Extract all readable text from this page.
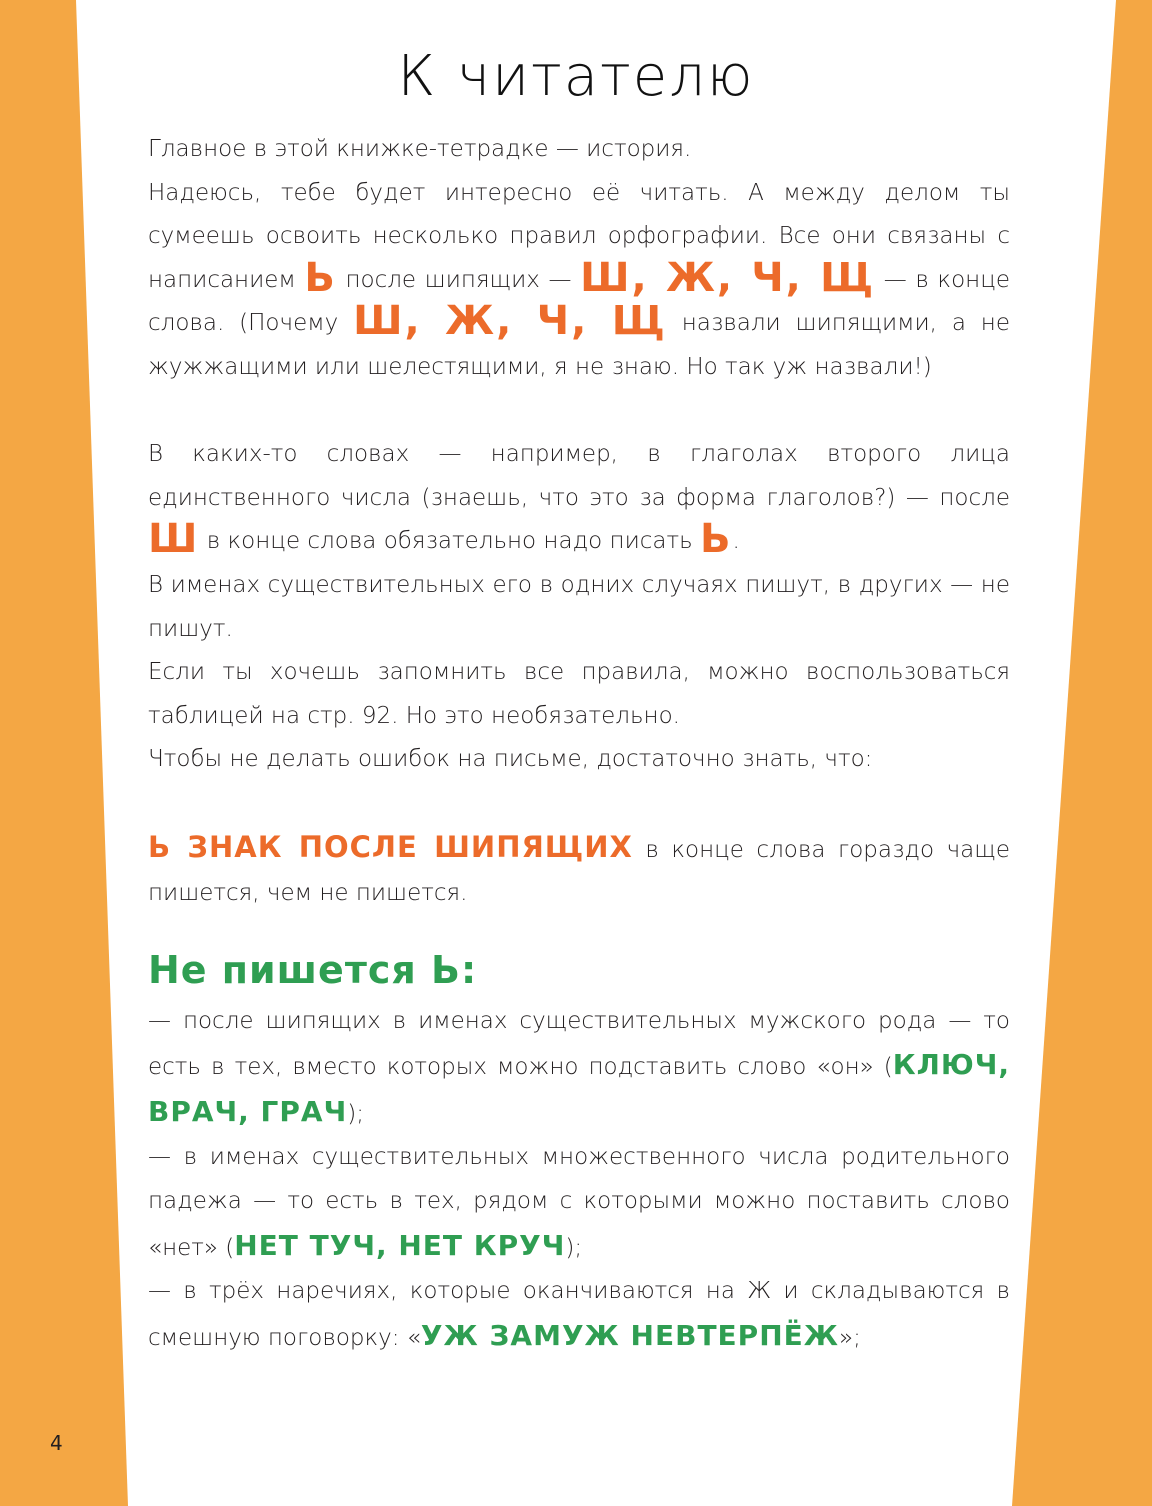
К читателю

Главное в этой книжке-тетрадке — история.

Надеюсь, тебе будет интересно её читать. А между делом ты сумеешь освоить несколько правил орфографии. Все они связаны с написанием Ь после шипящих — Ш, Ж, Ч, Щ — в конце слова. (Почему Ш, Ж, Ч, Щ назвали шипящими, а не жужжащими или шелестящими, я не знаю. Но так уж назвали!)

В каких-то словах — например, в глаголах второго лица единственного числа (знаешь, что это за форма глаголов?) — после Ш в конце слова обязательно надо писать Ь.

В именах существительных его в одних случаях пишут, в других — не пишут.

Если ты хочешь запомнить все правила, можно воспользоваться таблицей на стр. 92. Но это необязательно.

Чтобы не делать ошибок на письме, достаточно знать, что:

Ь ЗНАК ПОСЛЕ ШИПЯЩИХ в конце слова гораздо чаще пишется, чем не пишется.

Не пишется Ь:

— после шипящих в именах существительных мужского рода — то есть в тех, вместо которых можно подставить слово «он» (КЛЮЧ, ВРАЧ, ГРАЧ);

— в именах существительных множественного числа родительного падежа — то есть в тех, рядом с которыми можно поставить слово «нет» (НЕТ ТУЧ, НЕТ КРУЧ);

— в трёх наречиях, которые оканчиваются на Ж и складываются в смешную поговорку: «УЖ ЗАМУЖ НЕВТЕРПЁЖ»;

4
